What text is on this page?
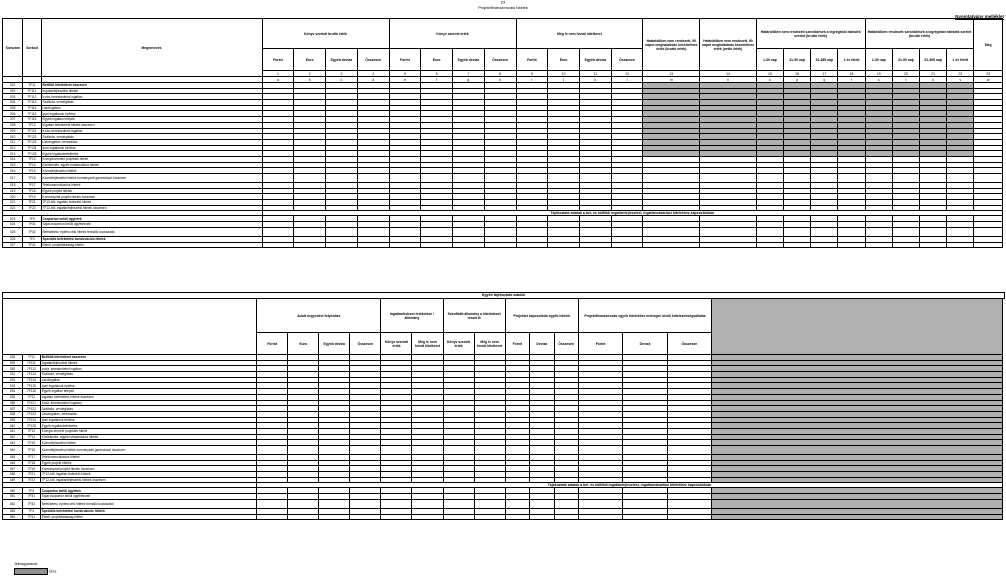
77
Projektfinanszírozási hitelek
Nyomtatvány melléklet
Sorszám	Sorkód	Megnevezés	Könyv szerinti bruttó érték				Könyv szerinti érték				Még le nem hívott hitelkeret				Határidőben nem rendezett, 90 napot meghaladóan késedelmes érték (bruttó érték)	Határidőben nem rendezett, 90 napot meghaladóan késedelmes érték (nettó érték)	Határidőben nem rendezett szerződések a legrégebbi hátralék szerint (bruttó érték)				Határidőben rendezett szerződések a legrégebbi hátralék szerint (bruttó érték)				Még
			Forint	Euro	Egyéb deviza	Összesen	Forint	Euro	Egyéb deviza	Összesen	Forint	Euro	Egyéb deviza	Összesen			1-30 nap	31-90 nap	91-365 nap	1 év felett	1-30 nap	31-90 nap	91-365 nap	1 év felett	
			1	2	3	4	5	6	7	8	9	10	11	12	13	14	15	16	17	18	19	20	21	22	23
			a	b	c	d	e	f	g	h	i	j	k	l	m	n	o	p	q	r	s	t	u	v	w
001	7F11	Belföldi hitelintézet összesen																							
002	7F111	Ingatlanfejlesztési hitelek																							
003	7F112	Iroda, kereskedelmi ingatlan																							
004	7F113	Szálloda, vendéglátás																							
005	7F114	Lakóingatlan																							
006	7F115	Ipari ingatlanok építése																							
007	7F116	Egyéb ingatlan telepek																							
008	7F12	Ingatlan befektetési hitelek összesen																							
009	7F121	Iroda, kereskedelmi ingatlan																							
010	7F122	Szálloda, vendéglátás																							
011	7F123	Lakóingatlan, bérbeadás																							
012	7F124	Ipari ingatlanok bérlése																							
013	7F125	Egyéb ingatlanbefektetés																							
014	7F13	Energia termelő projektek hitelei																							
015	7F14	Közlekedés, egyéb infrastruktúra hitelek																							
016	7F15	Közműfejlesztési hitelek																							
017	7F16	Közműfejlesztési hitelek kormányzati garanciával összesen																							
018	7F17	Telekommunikációs hitelek																							
019	7F18	Egyéb projekt hitelek																							
020	7F19	Kormányzati projekt hitelek összesen																							
021	7F21	7F12-ből: ingatlan fedezetű hitelek																							
022	7F22	7F12-ből: ingatlanfejlesztési hitelek összesen																							
			Tájékoztató adatok a bel- és külföldi ingatlanfejlesztési, ingatlanvásárlási hitelekhez kapcsolódóan																						
023	7F3	Csoporton belüli ügyletek																							
024	7F31	Saját csoporton belüli ügyfeleknek																							
025	7F32	Befektetési, építési célú hitelek fennálló kockázatai																							
026	7F4	Speciális befektetési konstrukciós hitelek																							
027	7F41	Ebből: projekttársaság hitelei																							
Egyéb tájékoztató adatok
			Adott negyedévi folyósítás				Ingatlanfedezet értékelése / állomány		Szindikált állomány a hitelintézet részéről		Projektet kapcsolódó egyéb hitelek			Projektfinanszírozás egyéb hitelekhez mérlegen kívüli kötelezettségvállalás			
			Forint	Euro	Egyéb deviza	Összesen	Könyv szerinti érték	Még le nem hívott hitelkeret	Könyv szerinti érték	Még le nem hívott hitelkeret	Forint	Deviza	Összesen	Forint	Deviza	Összesen	
028	7F11	Belföldi hitelintézet összesen															
029	7F111	Ingatlanfejlesztési hitelek															
030	7F112	Iroda, kereskedelmi ingatlan															
031	7F113	Szálloda, vendéglátás															
032	7F114	Lakóingatlan															
033	7F115	Ipari ingatlanok építése															
034	7F116	Egyéb ingatlan telepek															
035	7F12	Ingatlan befektetési hitelek összesen															
036	7F121	Iroda, kereskedelmi ingatlan															
037	7F122	Szálloda, vendéglátás															
038	7F123	Lakóingatlan, bérbeadás															
039	7F124	Ipari ingatlanok bérlése															
040	7F125	Egyéb ingatlanbefektetés															
041	7F13	Energia termelő projektek hitelei															
042	7F14	Közlekedés, egyéb infrastruktúra hitelek															
043	7F15	Közműfejlesztési hitelek															
044	7F16	Közműfejlesztési hitelek kormányzati garanciával összesen															
045	7F17	Telekommunikációs hitelek															
046	7F18	Egyéb projekt hitelek															
047	7F19	Kormányzati projekt hitelek összesen															
048	7F21	7F12-ből: ingatlan fedezetű hitelek															
049	7F22	7F12-ből: ingatlanfejlesztési hitelek összesen															
			Tájékoztató adatok a bel- és külföldi ingatlanfejlesztési, ingatlanvásárlási hitelekhez kapcsolódóan														
050	7F3	Csoporton belüli ügyletek															
051	7F31	Saját csoporton belüli ügyfeleknek															
052	7F32	Befektetési, építési célú hitelek fennálló kockázatai															
053	7F4	Speciális befektetési konstrukciós hitelek															
054	7F41	Ebből: projekttársaság hitelei															
Jelmagyarázat:
Üres
